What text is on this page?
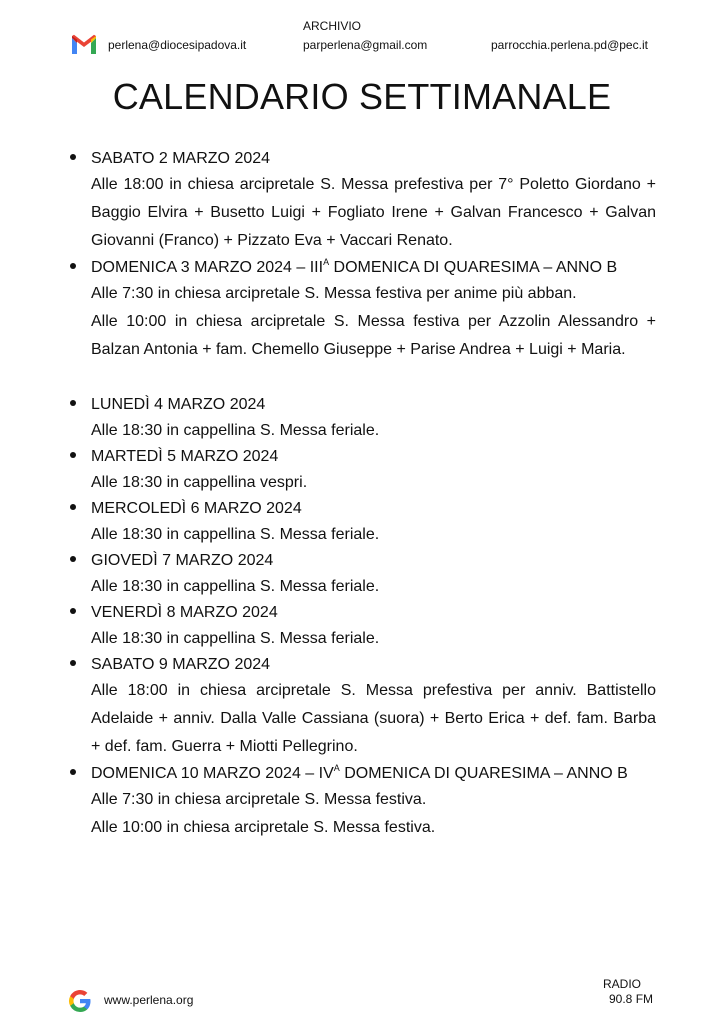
ARCHIVIO
perlena@diocesipadova.it	parperlena@gmail.com	parrocchia.perlena.pd@pec.it
CALENDARIO SETTIMANALE
SABATO 2 MARZO 2024
Alle 18:00 in chiesa arcipretale S. Messa prefestiva per 7° Poletto Giordano + Baggio Elvira + Busetto Luigi + Fogliato Irene + Galvan Francesco + Galvan Giovanni (Franco) + Pizzato Eva + Vaccari Renato.
DOMENICA 3 MARZO $2024 - III^A$ DOMENICA DI QUARESIMA – ANNO B
Alle 7:30 in chiesa arcipretale S. Messa festiva per anime più abban.
Alle 10:00 in chiesa arcipretale S. Messa festiva per Azzolin Alessandro + Balzan Antonia + fam. Chemello Giuseppe + Parise Andrea + Luigi + Maria.
LUNEDÌ 4 MARZO 2024
Alle 18:30 in cappellina S. Messa feriale.
MARTEDÌ 5 MARZO 2024
Alle 18:30 in cappellina vespri.
MERCOLEDÌ 6 MARZO 2024
Alle 18:30 in cappellina S. Messa feriale.
GIOVEDÌ 7 MARZO 2024
Alle 18:30 in cappellina S. Messa feriale.
VENERDÌ 8 MARZO 2024
Alle 18:30 in cappellina S. Messa feriale.
SABATO 9 MARZO 2024
Alle 18:00 in chiesa arcipretale S. Messa prefestiva per anniv. Battistello Adelaide + anniv. Dalla Valle Cassiana (suora) + Berto Erica + def. fam. Barba + def. fam. Guerra + Miotti Pellegrino.
DOMENICA 10 MARZO $2024 - IV^A$ DOMENICA DI QUARESIMA – ANNO B
Alle 7:30 in chiesa arcipretale S. Messa festiva.
Alle 10:00 in chiesa arcipretale S. Messa festiva.
www.perlena.org
RADIO
90.8 FM
